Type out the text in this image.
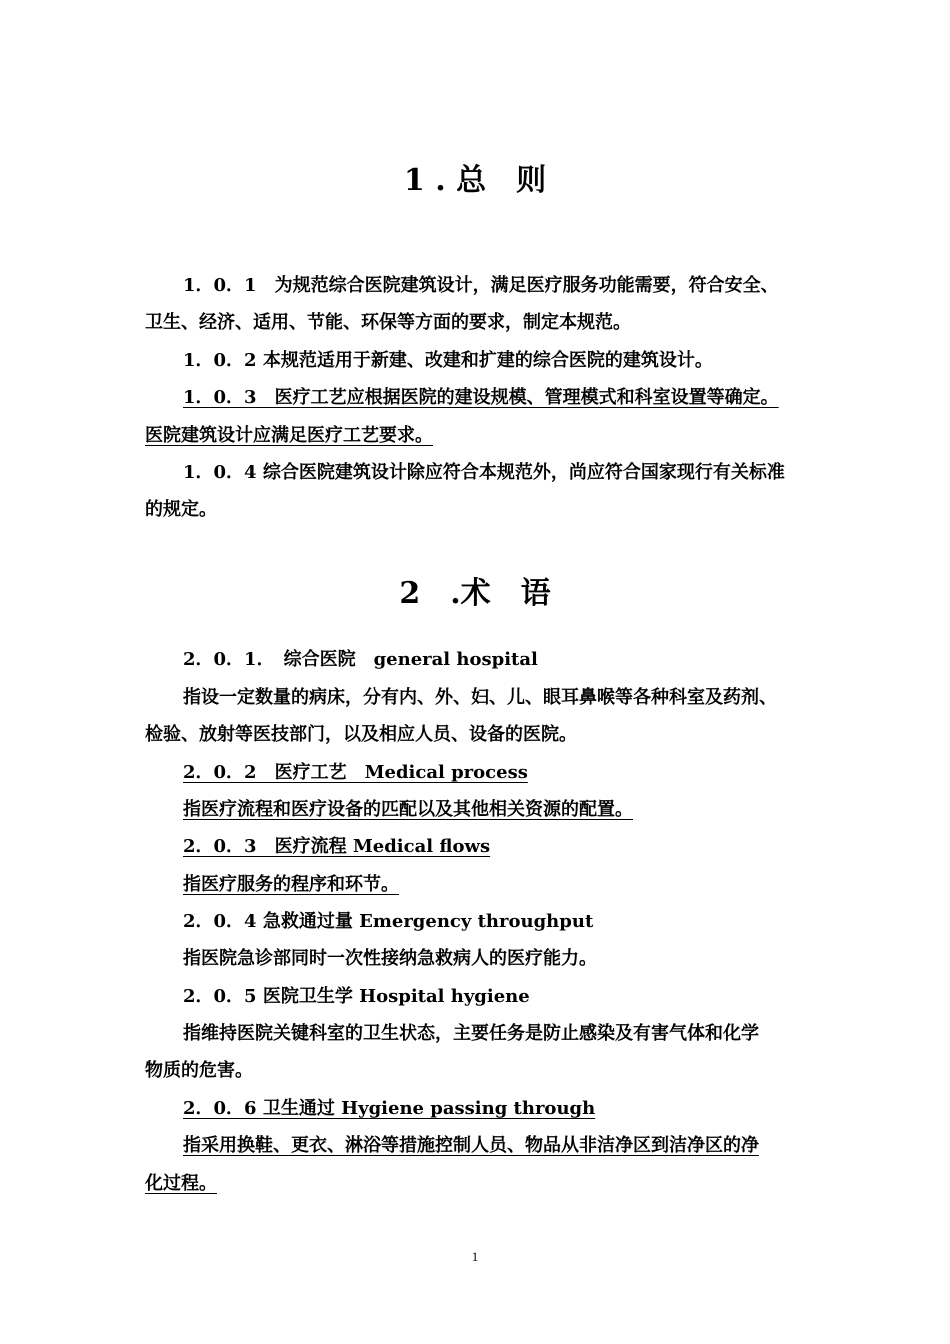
1 . 总　则
1．0．1　为规范综合医院建筑设计，满足医疗服务功能需要，符合安全、
卫生、经济、适用、节能、环保等方面的要求，制定本规范。
1．0．2 本规范适用于新建、改建和扩建的综合医院的建筑设计。
1．0．3　医疗工艺应根据医院的建设规模、管理模式和科室设置等确定。
医院建筑设计应满足医疗工艺要求。
1．0．4 综合医院建筑设计除应符合本规范外，尚应符合国家现行有关标准
的规定。
2　.术　语
2．0．1．　综合医院　general hospital
指设一定数量的病床，分有内、外、妇、儿、眼耳鼻喉等各种科室及药剂、
检验、放射等医技部门，以及相应人员、设备的医院。
2．0．2　医疗工艺　Medical process
指医疗流程和医疗设备的匹配以及其他相关资源的配置。
2．0．3　医疗流程 Medical flows
指医疗服务的程序和环节。
2．0．4 急救通过量 Emergency throughput
指医院急诊部同时一次性接纳急救病人的医疗能力。
2．0．5 医院卫生学 Hospital hygiene
指维持医院关键科室的卫生状态，主要任务是防止感染及有害气体和化学
物质的危害。
2．0．6 卫生通过 Hygiene passing through
指采用换鞋、更衣、淋浴等措施控制人员、物品从非洁净区到洁净区的净
化过程。
1
